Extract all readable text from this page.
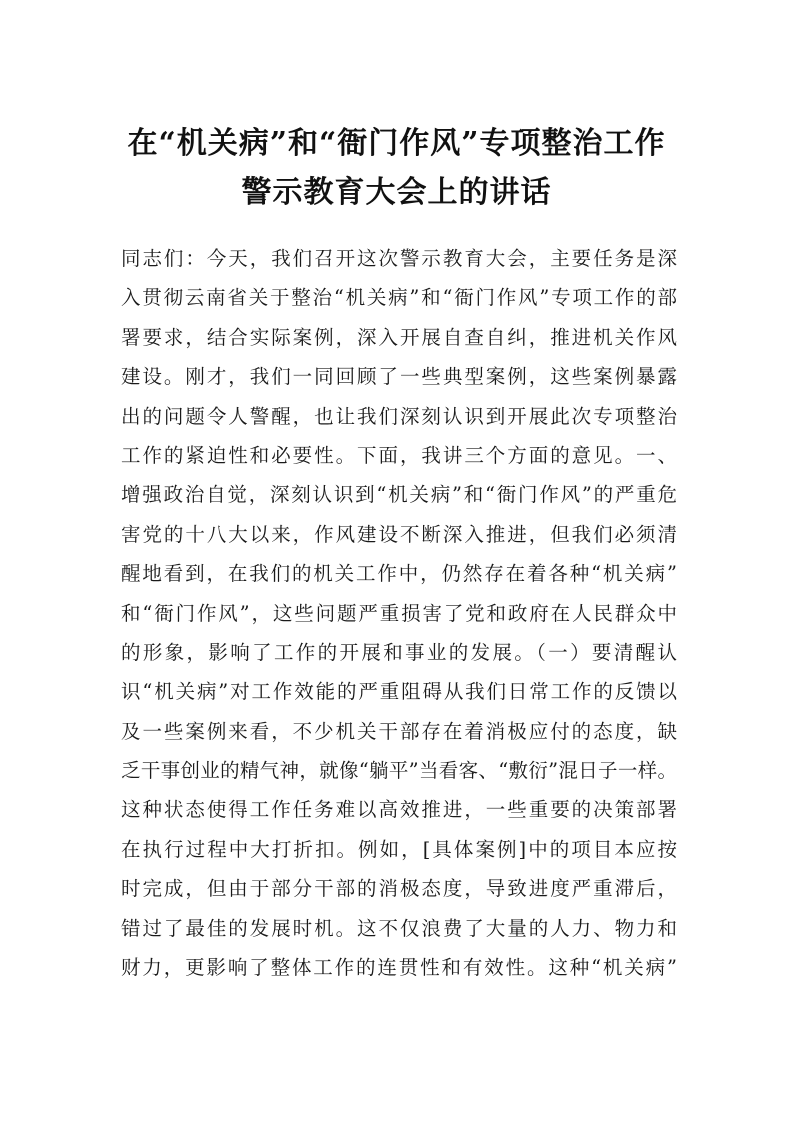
在“机关病”和“衙门作风”专项整治工作
警示教育大会上的讲话
同志们：今天，我们召开这次警示教育大会，主要任务是深
入贯彻云南省关于整治“机关病”和“衙门作风”专项工作的部
署要求，结合实际案例，深入开展自查自纠，推进机关作风
建设。刚才，我们一同回顾了一些典型案例，这些案例暴露
出的问题令人警醒，也让我们深刻认识到开展此次专项整治
工作的紧迫性和必要性。下面，我讲三个方面的意见。一、
增强政治自觉，深刻认识到“机关病”和“衙门作风”的严重危
害党的十八大以来，作风建设不断深入推进，但我们必须清
醒地看到，在我们的机关工作中，仍然存在着各种“机关病”
和“衙门作风”，这些问题严重损害了党和政府在人民群众中
的形象，影响了工作的开展和事业的发展。（一）要清醒认
识“机关病”对工作效能的严重阻碍从我们日常工作的反馈以
及一些案例来看，不少机关干部存在着消极应付的态度，缺
乏干事创业的精气神，就像“躺平”当看客、“敷衍”混日子一样。
这种状态使得工作任务难以高效推进，一些重要的决策部署
在执行过程中大打折扣。例如，[具体案例]中的项目本应按
时完成，但由于部分干部的消极态度，导致进度严重滞后，
错过了最佳的发展时机。这不仅浪费了大量的人力、物力和
财力，更影响了整体工作的连贯性和有效性。这种“机关病”
